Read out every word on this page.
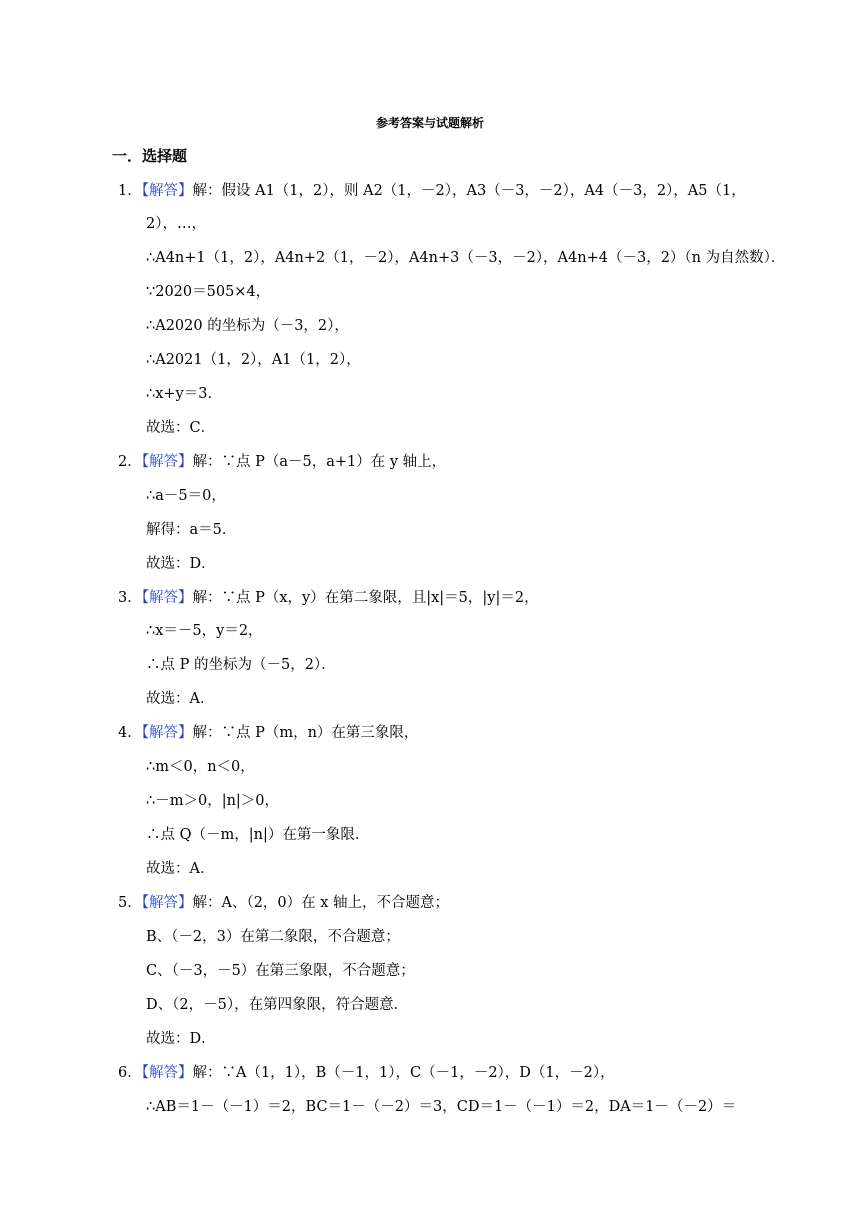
参考答案与试题解析
一．选择题
1．【解答】解：假设 A1（1，2），则 A2（1，－2），A3（－3，－2），A4（－3，2），A5（1，
2），…，
∴A4n+1（1，2），A4n+2（1，－2），A4n+3（－3，－2），A4n+4（－3，2）（n 为自然数）．
∵2020＝505×4，
∴A2020 的坐标为（－3，2），
∴A2021（1，2），A1（1，2），
∴x+y＝3．
故选：C．
2．【解答】解：∵点 P（a－5，a+1）在 y 轴上，
∴a－5＝0，
解得：a＝5．
故选：D．
3．【解答】解：∵点 P（x，y）在第二象限，且|x|＝5，|y|＝2，
∴x＝－5，y＝2，
∴点 P 的坐标为（－5，2）．
故选：A．
4．【解答】解：∵点 P（m，n）在第三象限，
∴m＜0，n＜0，
∴－m＞0，|n|＞0，
∴点 Q（－m，|n|）在第一象限．
故选：A．
5．【解答】解：A、（2，0）在 x 轴上，不合题意；
B、（－2，3）在第二象限，不合题意；
C、（－3，－5）在第三象限，不合题意；
D、（2，－5），在第四象限，符合题意．
故选：D．
6．【解答】解：∵A（1，1），B（－1，1），C（－1，－2），D（1，－2），
∴AB＝1－（－1）＝2，BC＝1－（－2）＝3，CD＝1－（－1）＝2，DA＝1－（－2）＝
